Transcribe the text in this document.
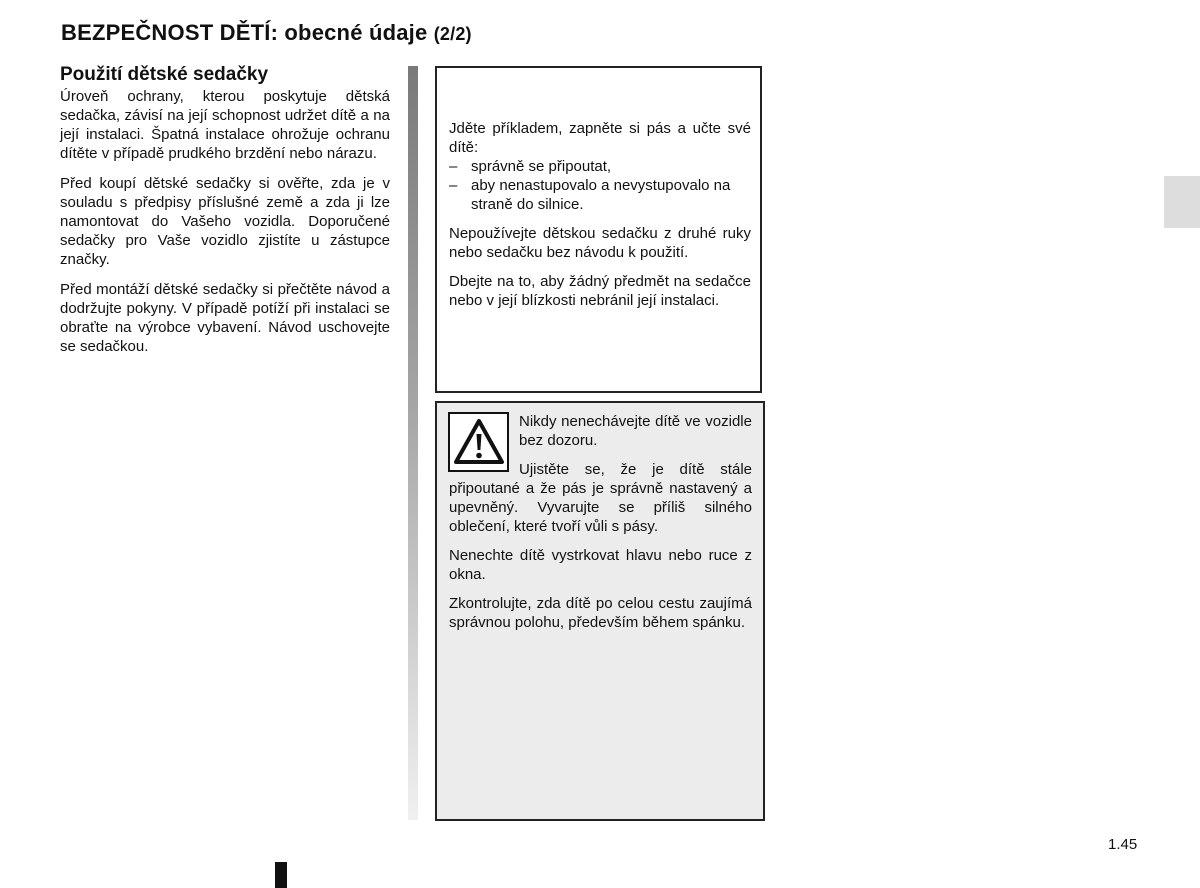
BEZPEČNOST DĚTÍ: obecné údaje (2/2)
Použití dětské sedačky

Úroveň ochrany, kterou poskytuje dětská sedačka, závisí na její schopnost udržet dítě a na její instalaci. Špatná instalace ohrožuje ochranu dítěte v případě prudkého brzdění nebo nárazu.

Před koupí dětské sedačky si ověřte, zda je v souladu s předpisy příslušné země a zda ji lze namontovat do Vašeho vozidla. Doporučené sedačky pro Vaše vozidlo zjistíte u zástupce značky.

Před montáží dětské sedačky si přečtěte návod a dodržujte pokyny. V případě potíží při instalaci se obraťte na výrobce vybavení. Návod uschovejte se sedačkou.

Jděte příkladem, zapněte si pás a učte své dítě:
– správně se připoutat,
– aby nenastupovalo a nevystupovalo na straně do silnice.

Nepoužívejte dětskou sedačku z druhé ruky nebo sedačku bez návodu k použití.

Dbejte na to, aby žádný předmět na sedačce nebo v její blízkosti nebránil její instalaci.

Nikdy nenechávejte dítě ve vozidle bez dozoru.

Ujistěte se, že je dítě stále připoutané a že pás je správně nastavený a upevněný. Vyvarujte se příliš silného oblečení, které tvoří vůli s pásy.

Nenechte dítě vystrkovat hlavu nebo ruce z okna.

Zkontrolujte, zda dítě po celou cestu zaujímá správnou polohu, především během spánku.

1.45
